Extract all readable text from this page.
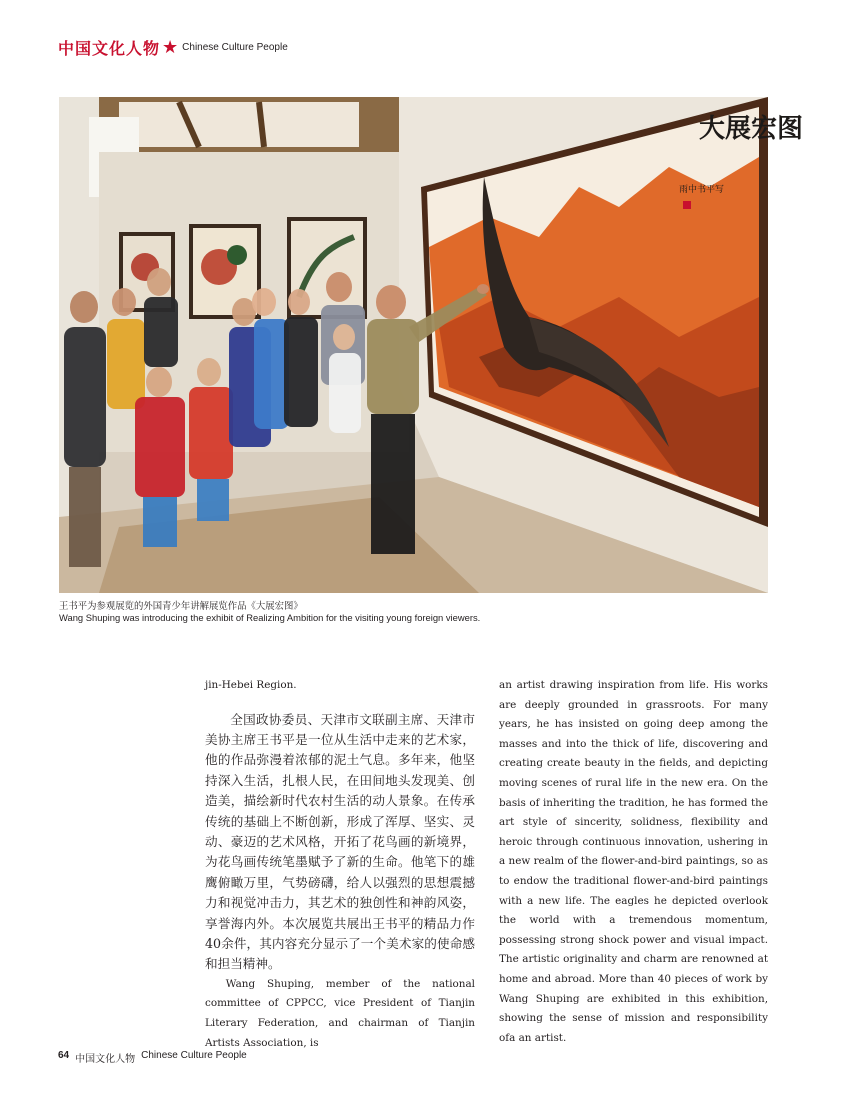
中国文化人物 ★ Chinese Culture People
大展宏图
雨中书平写
王书平为参观展览的外国青少年讲解展览作品《大展宏图》
Wang Shuping was introducing the exhibit of Realizing Ambition for the visiting young foreign viewers.

jin-Hebei Region.

全国政协委员、天津市文联副主席、天津市美协主席王书平是一位从生活中走来的艺术家，他的作品弥漫着浓郁的泥土气息。多年来，他坚持深入生活，扎根人民，在田间地头发现美、创造美，描绘新时代农村生活的动人景象。在传承传统的基础上不断创新，形成了浑厚、坚实、灵动、豪迈的艺术风格，开拓了花鸟画的新境界，为花鸟画传统笔墨赋予了新的生命。他笔下的雄鹰俯瞰万里，气势磅礴，给人以强烈的思想震撼力和视觉冲击力，其艺术的独创性和神韵风姿，享誉海内外。本次展览共展出王书平的精品力作40余件，其内容充分显示了一个美术家的使命感和担当精神。

Wang Shuping, member of the national committee of CPPCC, vice President of Tianjin Literary Federation, and chairman of Tianjin Artists Association, is

an artist drawing inspiration from life. His works are deeply grounded in grassroots. For many years, he has insisted on going deep among the masses and into the thick of life, discovering and creating create beauty in the fields, and depicting moving scenes of rural life in the new era. On the basis of inheriting the tradition, he has formed the art style of sincerity, solidness, flexibility and heroic through continuous innovation, ushering in a new realm of the flower-and-bird paintings, so as to endow the traditional flower-and-bird paintings with a new life. The eagles he depicted overlook the world with a tremendous momentum, possessing strong shock power and visual impact. The artistic originality and charm are renowned at home and abroad. More than 40 pieces of work by Wang Shuping are exhibited in this exhibition, showing the sense of mission and responsibility ofa an artist.

64 中国文化人物 Chinese Culture People
